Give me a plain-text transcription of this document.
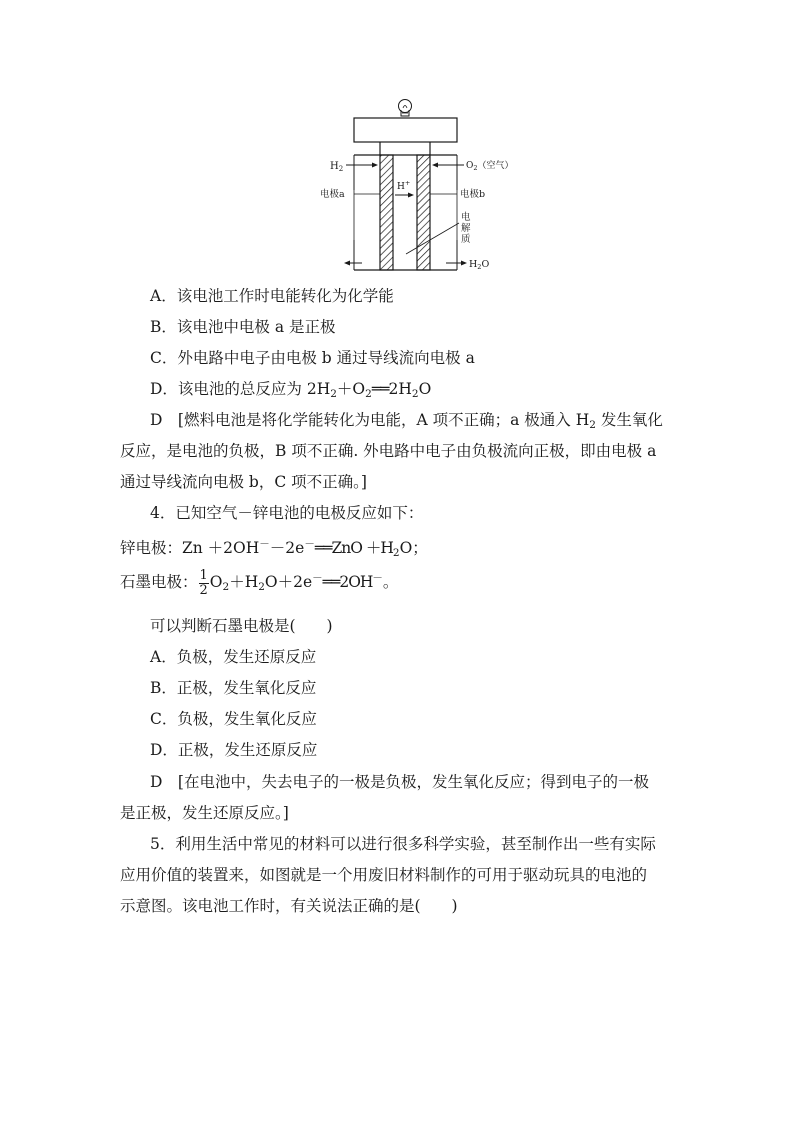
$H_2$	$O_2$（空气）
H+
电极a	电极b
电
解
质
$H_2O$
A．该电池工作时电能转化为化学能
B．该电池中电极 a 是正极
C．外电路中电子由电极 b 通过导线流向电极 a
D．该电池的总反应为 $2H_2+O_2══2H_2O$
D　[燃料电池是将化学能转化为电能，A 项不正确；a 极通入 $H_2$ 发生氧化
反应，是电池的负极，B 项不正确. 外电路中电子由负极流向正极，即由电极 a
通过导线流向电极 b，C 项不正确。]
4．已知空气－锌电池的电极反应如下：
锌电极：Zn ＋2OH－－2e－══ZnO $+H_2O$；
石墨电极： $\frac{1}{2}$ $O_2+H_2O+2e^-══2OH^-$。
可以判断石墨电极是(　　)
A．负极，发生还原反应
B．正极，发生氧化反应
C．负极，发生氧化反应
D．正极，发生还原反应
D　[在电池中，失去电子的一极是负极，发生氧化反应；得到电子的一极
是正极，发生还原反应。]
5．利用生活中常见的材料可以进行很多科学实验，甚至制作出一些有实际
应用价值的装置来，如图就是一个用废旧材料制作的可用于驱动玩具的电池的
示意图。该电池工作时，有关说法正确的是(　　)
